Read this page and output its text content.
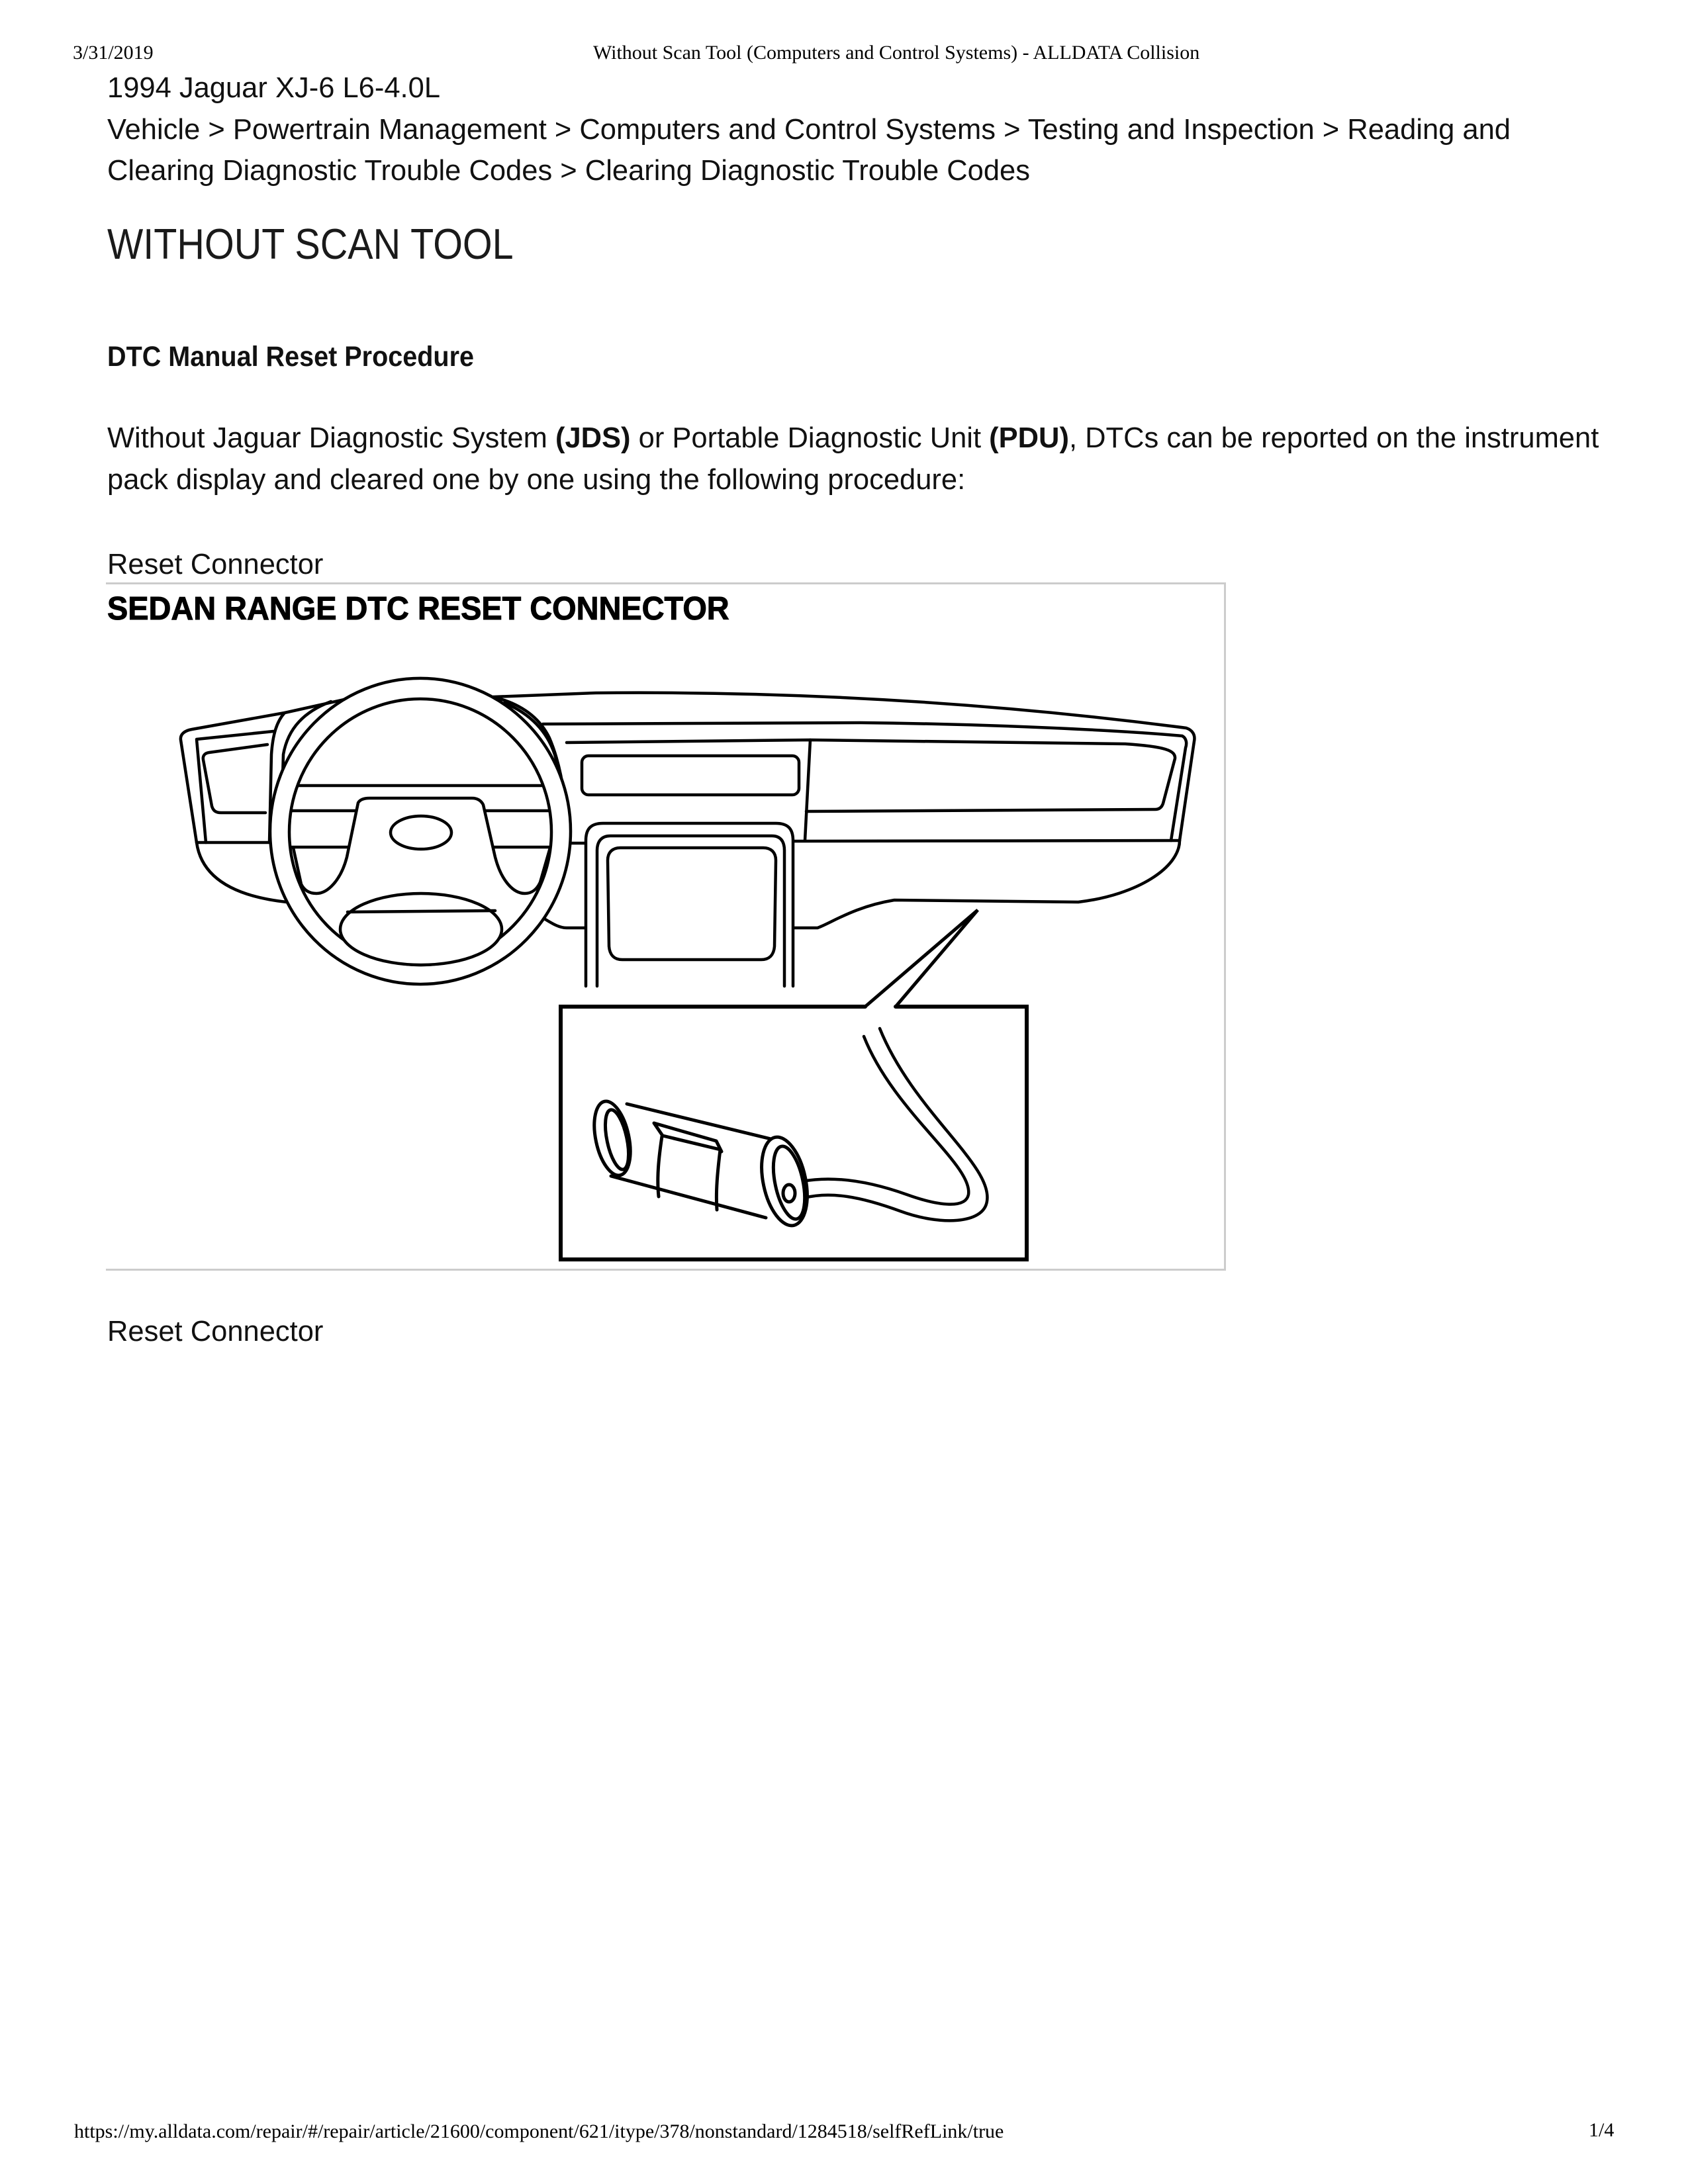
3/31/2019	Without Scan Tool (Computers and Control Systems) - ALLDATA Collision
1994 Jaguar XJ-6 L6-4.0L
Vehicle > Powertrain Management > Computers and Control Systems > Testing and Inspection > Reading and Clearing Diagnostic Trouble Codes > Clearing Diagnostic Trouble Codes
WITHOUT SCAN TOOL
DTC Manual Reset Procedure
Without Jaguar Diagnostic System (JDS) or Portable Diagnostic Unit (PDU), DTCs can be reported on the instrument pack display and cleared one by one using the following procedure:
Reset Connector
SEDAN RANGE DTC RESET CONNECTOR
Reset Connector
https://my.alldata.com/repair/#/repair/article/21600/component/621/itype/378/nonstandard/1284518/selfRefLink/true	1/4
